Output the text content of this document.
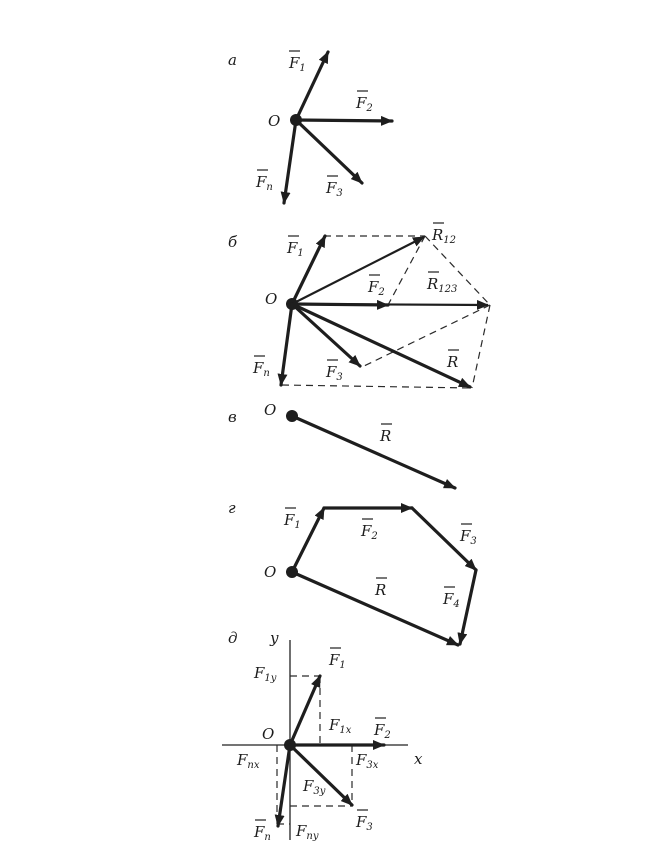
а
O
$F_1$
$F_2$
$F_3$
$F_n$
б
O
$F_1$
$F_2$
$F_3$
$F_n$
$R_{12}$
$R_{123}$
R
в O
R
г
O
$F_1$	$F_2$	$F_3$
$F_4$
R
д
x
y
O
$F_1$
$F_2$
$F_3$
$F_n$
$F_{1y}$
$F_{1x}$
$F_{nx}$	$F_{3x}$
$F_{3y}$
$F_{ny}$
